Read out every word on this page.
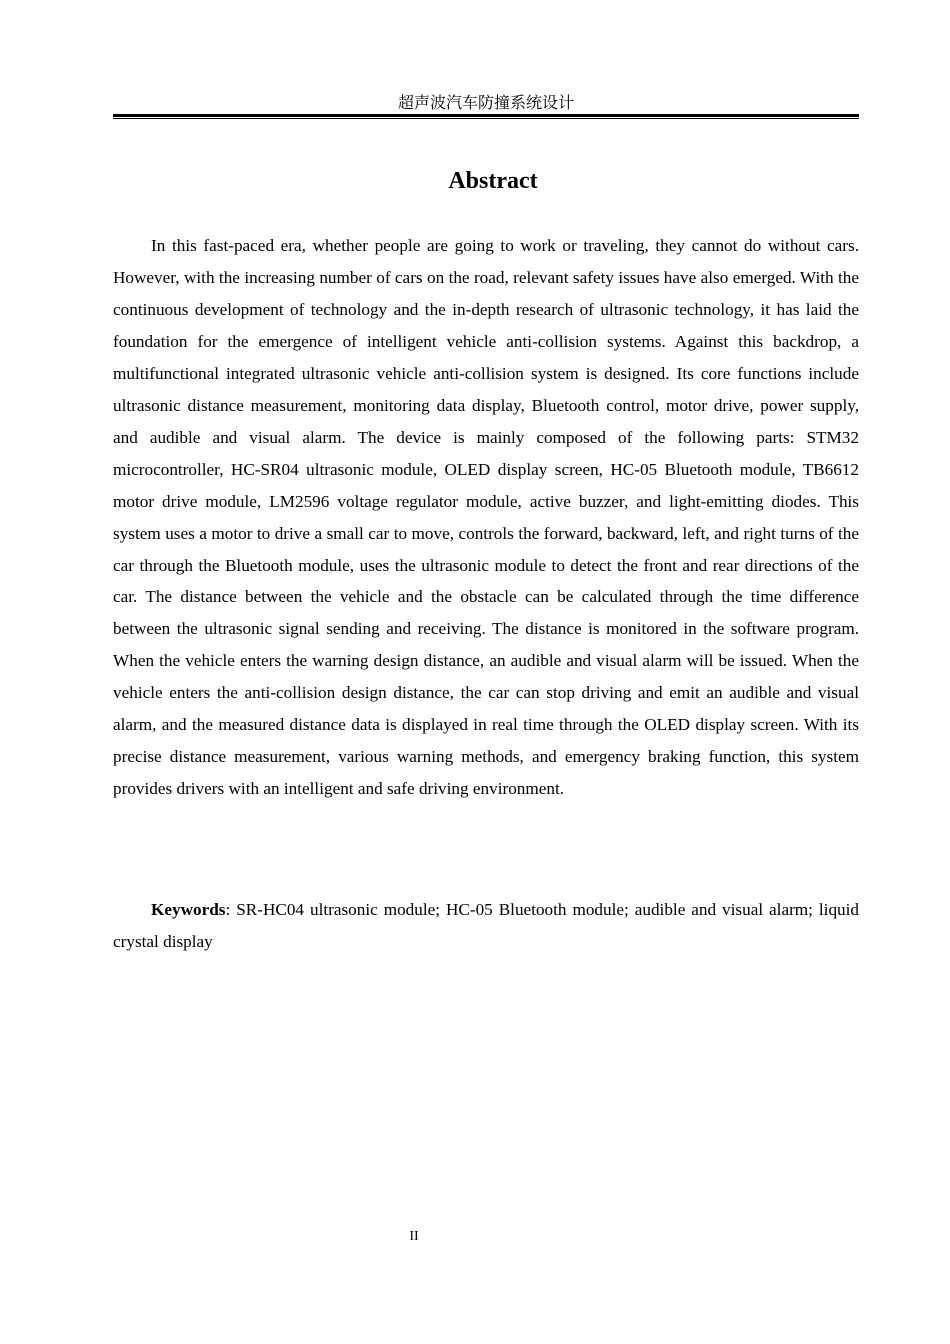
超声波汽车防撞系统设计
Abstract

In this fast-paced era, whether people are going to work or traveling, they cannot do without cars. However, with the increasing number of cars on the road, relevant safety issues have also emerged. With the continuous development of technology and the in-depth research of ultrasonic technology, it has laid the foundation for the emergence of intelligent vehicle anti-collision systems. Against this backdrop, a multifunctional integrated ultrasonic vehicle anti-collision system is designed. Its core functions include ultrasonic distance measurement, monitoring data display, Bluetooth control, motor drive, power supply, and audible and visual alarm. The device is mainly composed of the following parts: STM32 microcontroller, HC-SR04 ultrasonic module, OLED display screen, HC-05 Bluetooth module, TB6612 motor drive module, LM2596 voltage regulator module, active buzzer, and light-emitting diodes. This system uses a motor to drive a small car to move, controls the forward, backward, left, and right turns of the car through the Bluetooth module, uses the ultrasonic module to detect the front and rear directions of the car. The distance between the vehicle and the obstacle can be calculated through the time difference between the ultrasonic signal sending and receiving. The distance is monitored in the software program. When the vehicle enters the warning design distance, an audible and visual alarm will be issued. When the vehicle enters the anti-collision design distance, the car can stop driving and emit an audible and visual alarm, and the measured distance data is displayed in real time through the OLED display screen. With its precise distance measurement, various warning methods, and emergency braking function, this system provides drivers with an intelligent and safe driving environment.

Keywords: SR-HC04 ultrasonic module; HC-05 Bluetooth module; audible and visual alarm; liquid crystal display

II
